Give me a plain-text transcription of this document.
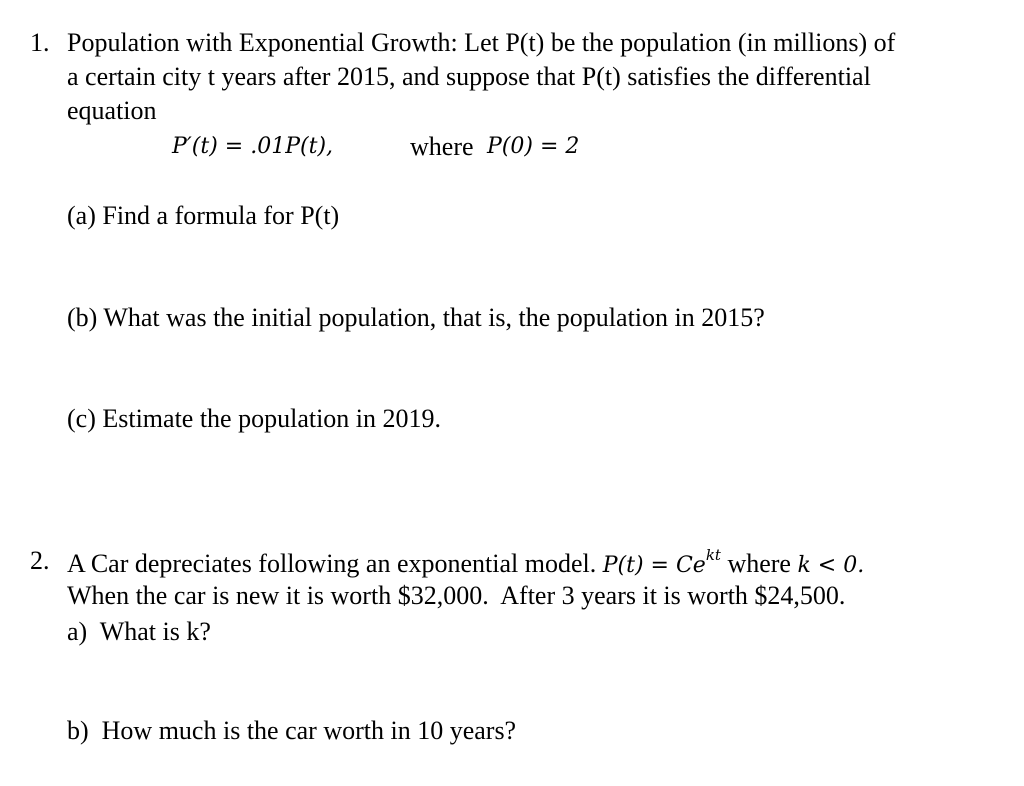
1. Population with Exponential Growth: Let P(t) be the population (in millions) of
a certain city t years after 2015, and suppose that P(t) satisfies the differential
equation
P′(t) = .01P(t),	where P(0) = 2
(a) Find a formula for P(t)
(b) What was the initial population, that is, the population in 2015?
(c) Estimate the population in 2019.
2. A Car depreciates following an exponential model. $P(t) = Ce^{kt}$ where k < 0.
When the car is new it is worth $32,000.  After 3 years it is worth $24,500.
a)  What is k?
b)  How much is the car worth in 10 years?
